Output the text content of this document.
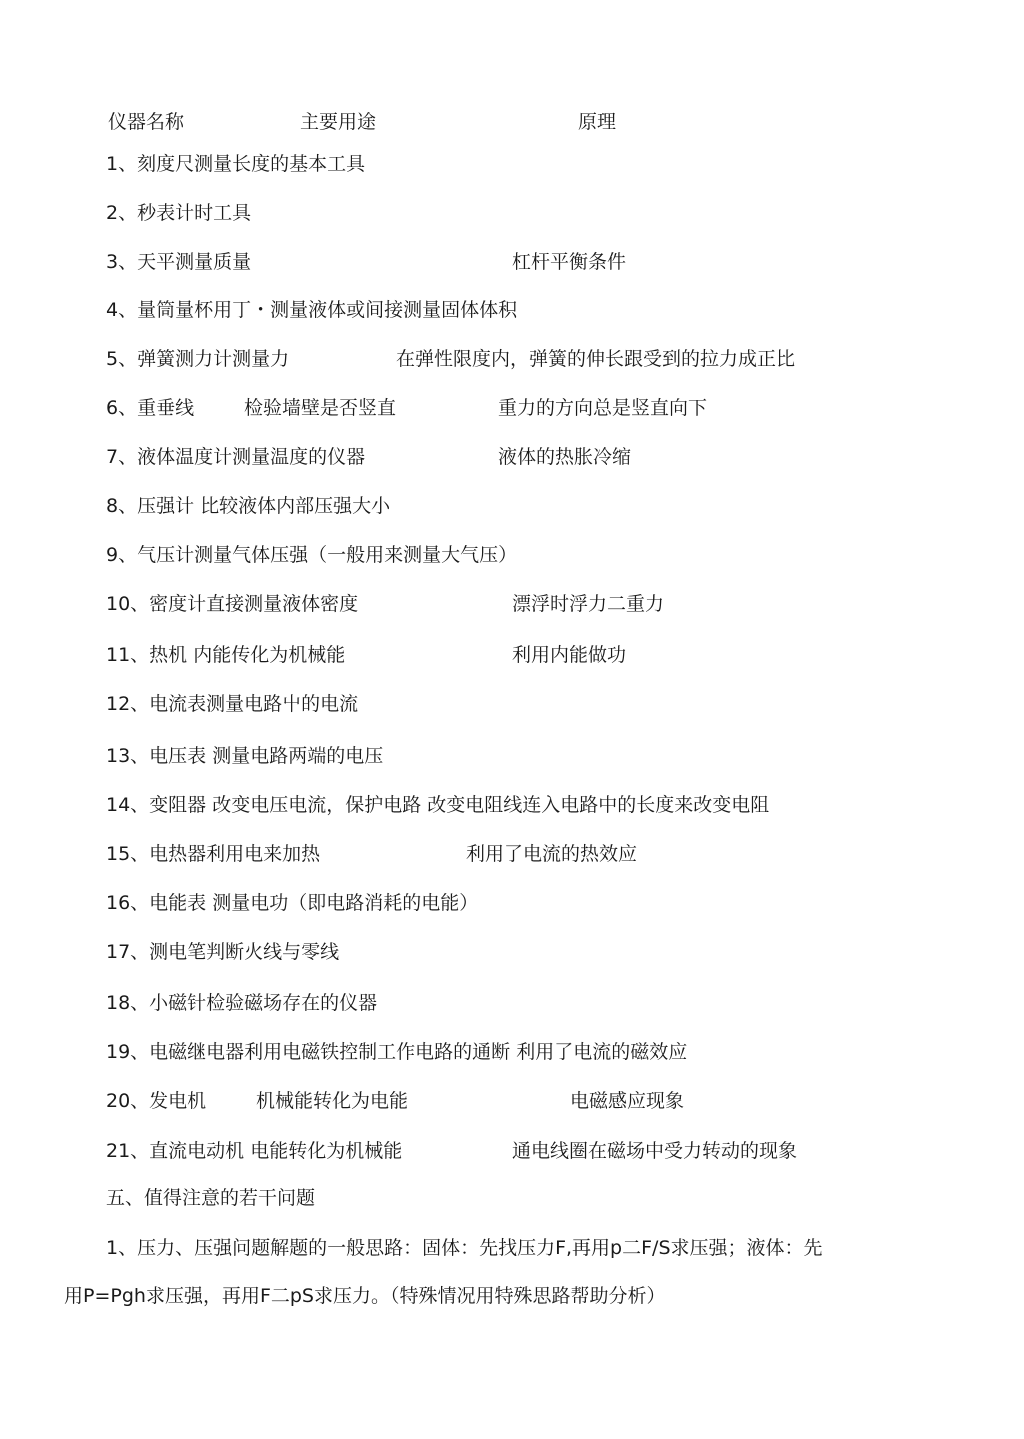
仪器名称	主要用途	原理
1、刻度尺测量长度的基本工具
2、秒表计时工具
3、天平测量质量	杠杆平衡条件
4、量筒量杯用丁・测量液体或间接测量固体体积
5、弹簧测力计测量力	在弹性限度内，弹簧的伸长跟受到的拉力成正比
6、重垂线	检验墙壁是否竖直	重力的方向总是竖直向下
7、液体温度计测量温度的仪器	液体的热胀冷缩
8、压强计 比较液体内部压强大小
9、气压计测量气体压强（一般用来测量大气压）
10、密度计直接测量液体密度	漂浮时浮力二重力
11、热机 内能传化为机械能	利用内能做功
12、电流表测量电路屮的电流
13、电压表 测量电路两端的电压
14、变阻器 改变电压电流，保护电路 改变电阻线连入电路中的长度来改变电阻
15、电热器利用电来加热	利用了电流的热效应
16、电能表 测量电功（即电路消耗的电能）
17、测电笔判断火线与零线
18、小磁针检验磁场存在的仪器
19、电磁继电器利用电磁铁控制工作电路的通断 利用了电流的磁效应
20、发电机	机械能转化为电能	电磁感应现象
21、直流电动机 电能转化为机械能	通电线圈在磁场中受力转动的现象
五、值得注意的若干问题
1、压力、压强问题解题的一般思路：固体：先找压力F,再用p二F/S求压强；液体：先
用P=Pgh求压强，再用F二pS求压力。（特殊情况用特殊思路帮助分析）
